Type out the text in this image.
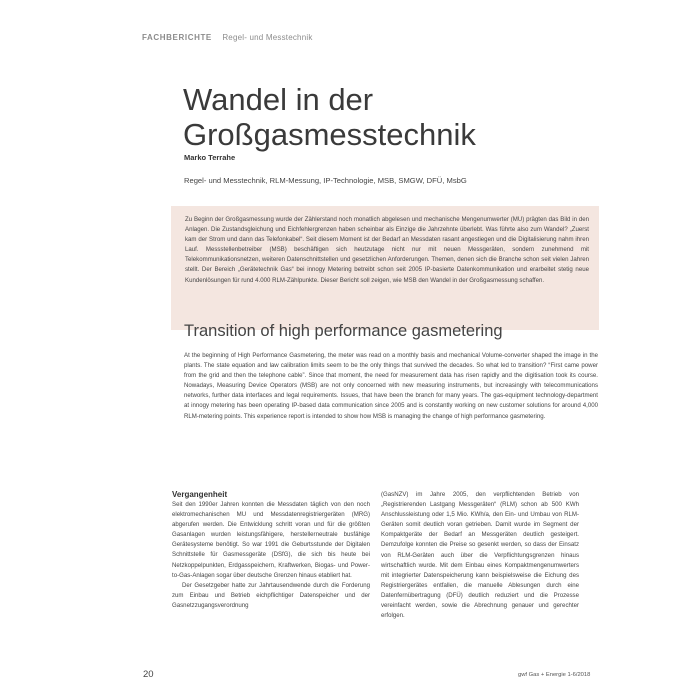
FACHBERICHTE Regel- und Messtechnik
Wandel in der
Großgasmesstechnik
Marko Terrahe
Regel- und Messtechnik, RLM-Messung, IP-Technologie, MSB, SMGW, DFÜ, MsbG
Zu Beginn der Großgasmessung wurde der Zählerstand noch monatlich abgelesen und mechanische Mengenumwerter (MU) prägten das Bild in den Anlagen. Die Zustandsgleichung und Eichfehlergrenzen haben scheinbar als Einzige die Jahrzehnte überlebt. Was führte also zum Wandel? „Zuerst kam der Strom und dann das Telefonkabel“. Seit diesem Moment ist der Bedarf an Messdaten rasant angestiegen und die Digitalisierung nahm ihren Lauf. Messstellenbetreiber (MSB) beschäftigen sich heutzutage nicht nur mit neuen Messgeräten, sondern zunehmend mit Telekommunikationsnetzen, weiteren Datenschnittstellen und gesetzlichen Anforderungen. Themen, denen sich die Branche schon seit vielen Jahren stellt. Der Bereich „Gerätetechnik Gas“ bei innogy Metering betreibt schon seit 2005 IP-basierte Datenkommunikation und erarbeitet stetig neue Kundenlösungen für rund 4.000 RLM-Zählpunkte. Dieser Bericht soll zeigen, wie MSB den Wandel in der Großgasmessung schaffen.
Transition of high performance gasmetering

At the beginning of High Performance Gasmetering, the meter was read on a monthly basis and mechanical Volume-converter shaped the image in the plants. The state equation and law calibration limits seem to be the only things that survived the decades. So what led to transition? “First came power from the grid and then the telephone cable”. Since that moment, the need for measurement data has risen rapidly and the digitisation took its course. Nowadays, Measuring Device Operators (MSB) are not only concerned with new measuring instruments, but increasingly with telecommunications networks, further data interfaces and legal requirements. Issues, that have been the branch for many years. The gas-equipment technology-department at innogy metering has been operating IP-based data communication since 2005 and is constantly working on new customer solutions for around 4,000 RLM-metering points. This experience report is intended to show how MSB is managing the change of high performance gasmetering.

Vergangenheit

Seit den 1990er Jahren konnten die Messdaten täglich von den noch elektromechanischen MU und Messdatenregistriergeräten (MRG) abgerufen werden. Die Entwicklung schritt voran und für die größten Gasanlagen wurden leistungsfähigere, herstellerneutrale busfähige Gerätesysteme benötigt. So war 1991 die Geburtsstunde der Digitalen Schnittstelle für Gasmessgeräte (DSfG), die sich bis heute bei Netzkoppelpunkten, Erdgasspeichern, Kraftwerken, Biogas- und Power-to-Gas-Anlagen sogar über deutsche Grenzen hinaus etabliert hat.

Der Gesetzgeber hatte zur Jahrtausendwende durch die Forderung zum Einbau und Betrieb eichpflichtiger Datenspeicher und der Gasnetzzugangsverordnung

(GasNZV) im Jahre 2005, den verpflichtenden Betrieb von „Registrierenden Lastgang Messgeräten“ (RLM) schon ab 500 KWh Anschlussleistung oder 1,5 Mio. KWh/a, den Ein- und Umbau von RLM-Geräten somit deutlich voran getrieben. Damit wurde im Segment der Kompaktgeräte der Bedarf an Messgeräten deutlich gesteigert. Demzufolge konnten die Preise so gesenkt werden, so dass der Einsatz von RLM-Geräten auch über die Verpflichtungsgrenzen hinaus wirtschaftlich wurde. Mit dem Einbau eines Kompaktmengenumwerters mit integrierter Datenspeicherung kann beispielsweise die Eichung des Registriergerätes entfallen, die manuelle Ablesungen durch eine Datenfernübertragung (DFÜ) deutlich reduziert und die Prozesse vereinfacht werden, sowie die Abrechnung genauer und gerechter erfolgen.

20	gwf Gas + Energie 1-6/2018
